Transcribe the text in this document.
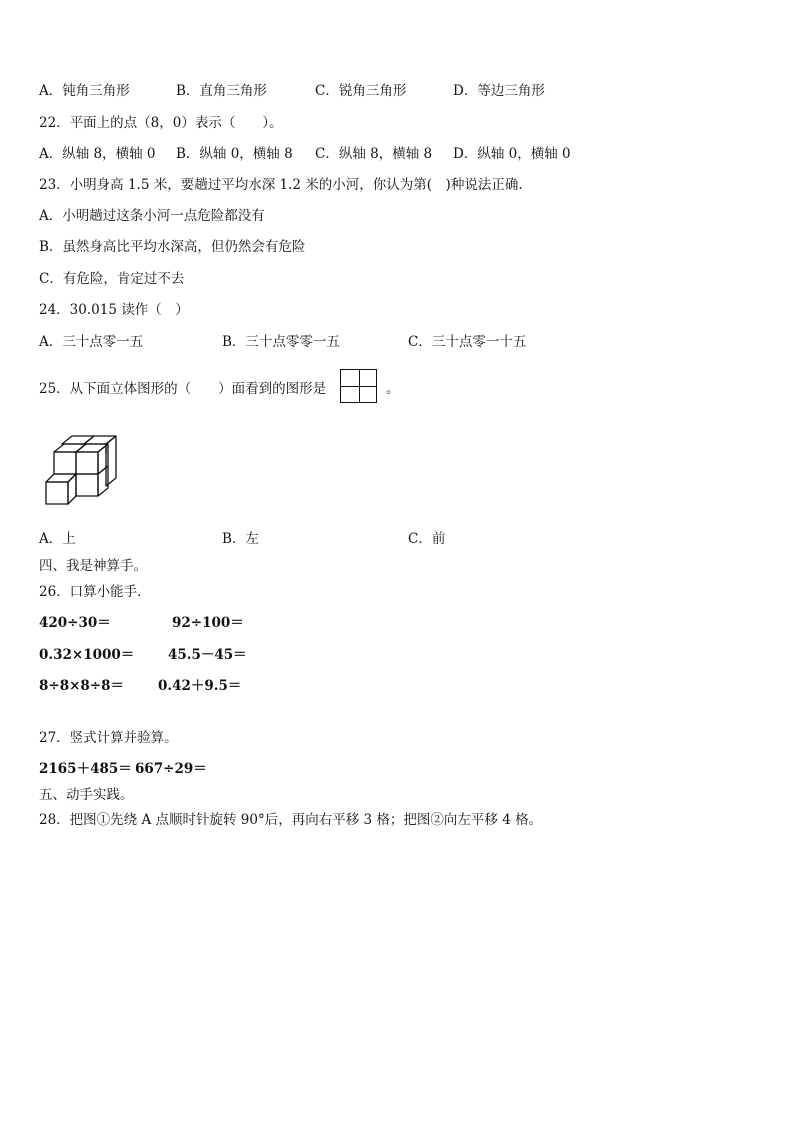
A．钝角三角形	B．直角三角形	C．锐角三角形	D．等边三角形
22．平面上的点（8，0）表示（　　）。
A．纵轴 8，横轴 0 B．纵轴 0，横轴 8 C．纵轴 8，横轴 8 D．纵轴 0，横轴 0
23．小明身高 1.5 米，要趟过平均水深 1.2 米的小河，你认为第(　)种说法正确.
A．小明趟过这条小河一点危险都没有
B．虽然身高比平均水深高，但仍然会有危险
C．有危险，肯定过不去
24．30.015 读作（　）
A．三十点零一五	B．三十点零零一五	C．三十点零一十五
25．从下面立体图形的（　　）面看到的图形是	。
A．上	B．左	C．前
四、我是神算手。
26．口算小能手.
420÷30＝	92÷100＝
0.32×1000＝ 45.5－45＝
8÷8×8÷8＝	0.42＋9.5＝
27．竖式计算并验算。
2165＋485＝ 667÷29＝
五、动手实践。
28．把图①先绕 A 点顺时针旋转 90°后，再向右平移 3 格；把图②向左平移 4 格。
